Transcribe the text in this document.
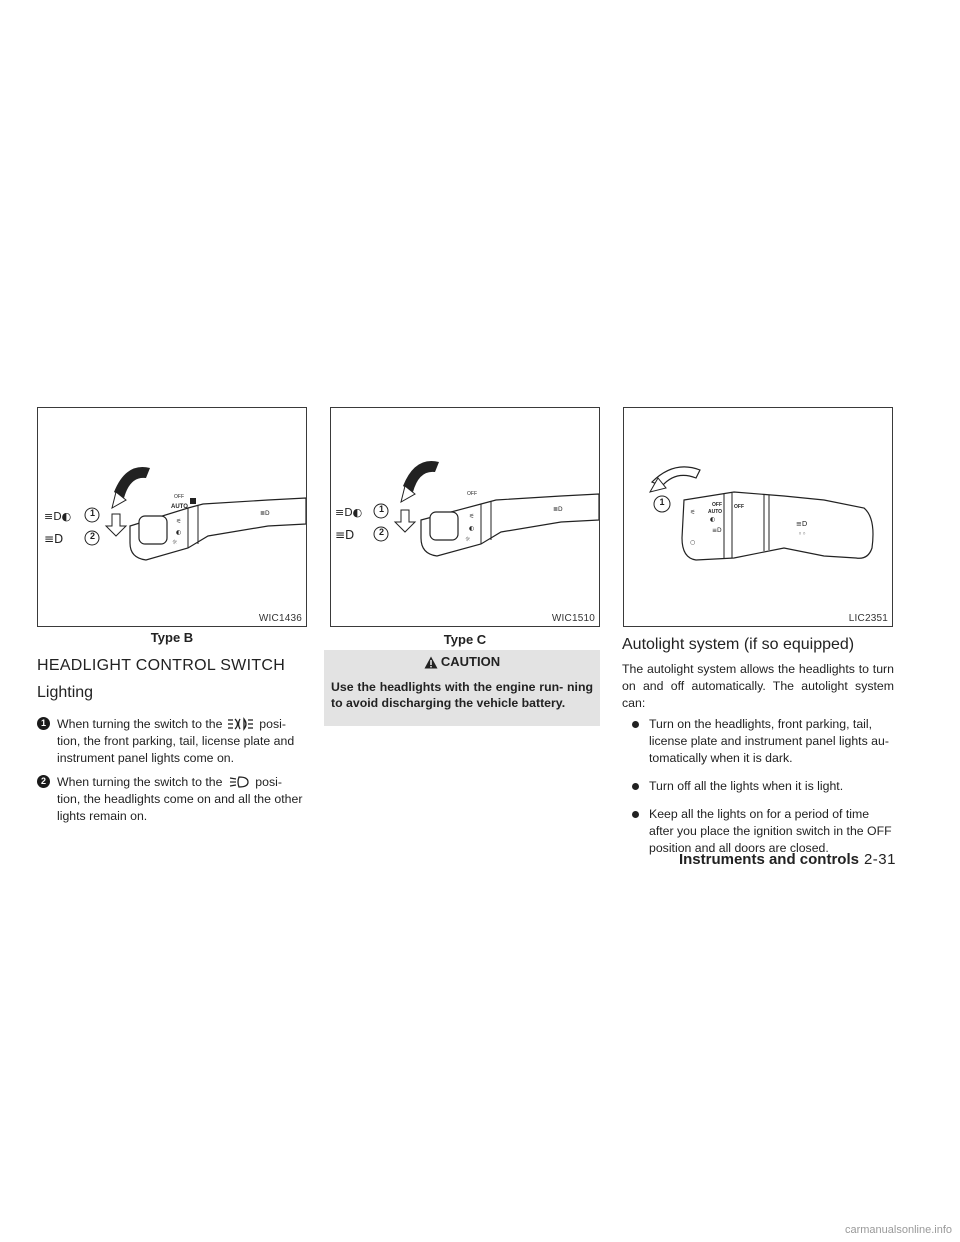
≡D◐
≡D
⚟
◐
☼
≣D
1
2
AUTO
OFF
WIC1436
Type B
≡D◐
≡D
⚟
◐
☼
≣D
1
2
OFF
WIC1510
Type C
⚟
◐
≡D
○
≡D
◦◦
1	OFF
AUTO
OFF
LIC2351
HEADLIGHT CONTROL SWITCH
Lighting
1 When turning the switch to the	posi- tion, the front parking, tail, license plate and instrument panel lights come on.
2 When turning the switch to the	posi- tion, the headlights come on and all the other lights remain on.
CAUTION
Use the headlights with the engine run- ning to avoid discharging the vehicle battery.
Autolight system (if so equipped)
The autolight system allows the headlights to turn on and off automatically. The autolight system can:
Turn on the headlights, front parking, tail, license plate and instrument panel lights au- tomatically when it is dark.
Turn off all the lights when it is light.
Keep all the lights on for a period of time after you place the ignition switch in the OFF position and all doors are closed.
Instruments and controls 2-31
carmanualsonline.info
